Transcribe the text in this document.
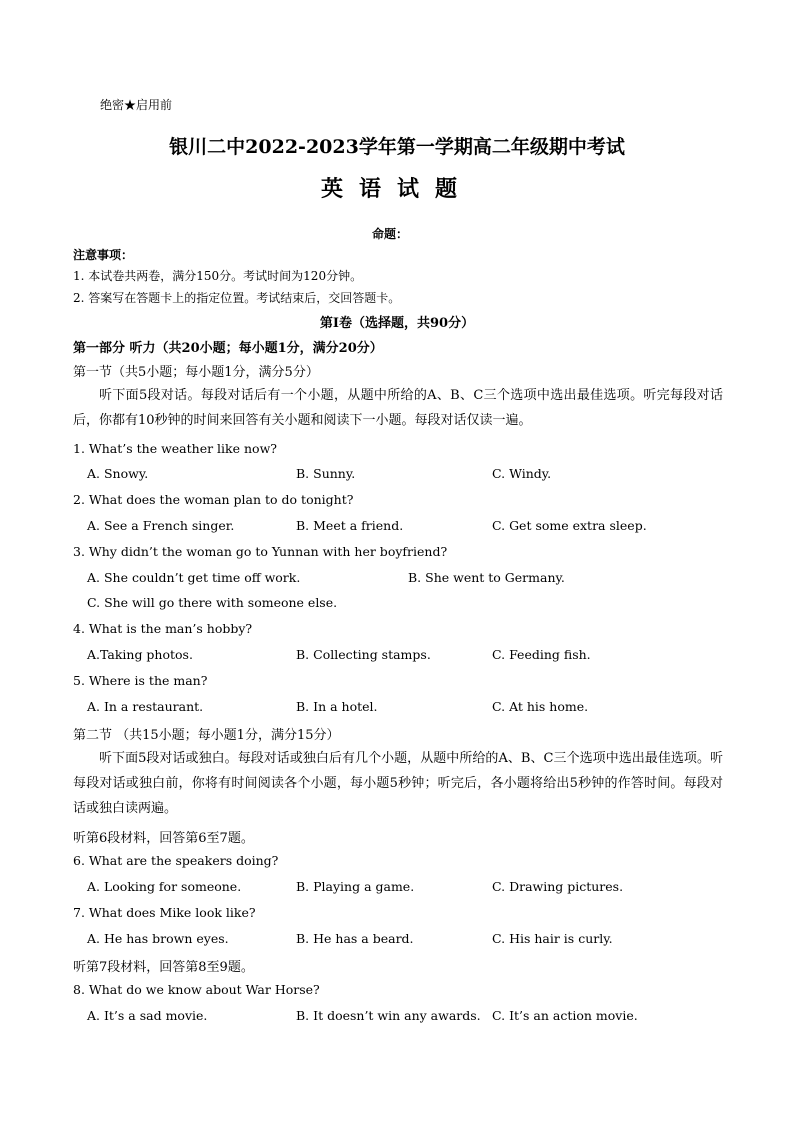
绝密★启用前
银川二中2022-2023学年第一学期高二年级期中考试
英语试题
命题：
注意事项：
1. 本试卷共两卷，满分150分。考试时间为120分钟。
2. 答案写在答题卡上的指定位置。考试结束后，交回答题卡。
第Ⅰ卷（选择题，共90分）
第一部分 听力（共20小题；每小题1分，满分20分）
第一节（共5小题；每小题1分，满分5分）
听下面5段对话。每段对话后有一个小题，从题中所给的A、B、C三个选项中选出最佳选项。听完每段对话后，你都有10秒钟的时间来回答有关小题和阅读下一小题。每段对话仅读一遍。
1. What’s the weather like now?
A. Snowy.	B. Sunny.	C. Windy.
2. What does the woman plan to do tonight?
A. See a French singer.	B. Meet a friend.	C. Get some extra sleep.
3. Why didn’t the woman go to Yunnan with her boyfriend?
A. She couldn’t get time off work.	B. She went to Germany.
C. She will go there with someone else.
4. What is the man’s hobby?
A.Taking photos.	B. Collecting stamps.	C. Feeding fish.
5. Where is the man?
A. In a restaurant.	B. In a hotel.	C. At his home.
第二节 （共15小题；每小题1分，满分15分）
听下面5段对话或独白。每段对话或独白后有几个小题，从题中所给的A、B、C三个选项中选出最佳选项。听每段对话或独白前，你将有时间阅读各个小题，每小题5秒钟；听完后，各小题将给出5秒钟的作答时间。每段对话或独白读两遍。
听第6段材料，回答第6至7题。
6. What are the speakers doing?
A. Looking for someone.	B. Playing a game.	C. Drawing pictures.
7. What does Mike look like?
A. He has brown eyes.	B. He has a beard.	C. His hair is curly.
听第7段材料，回答第8至9题。
8. What do we know about War Horse?
A. It’s a sad movie.	B. It doesn’t win any awards. C. It’s an action movie.
